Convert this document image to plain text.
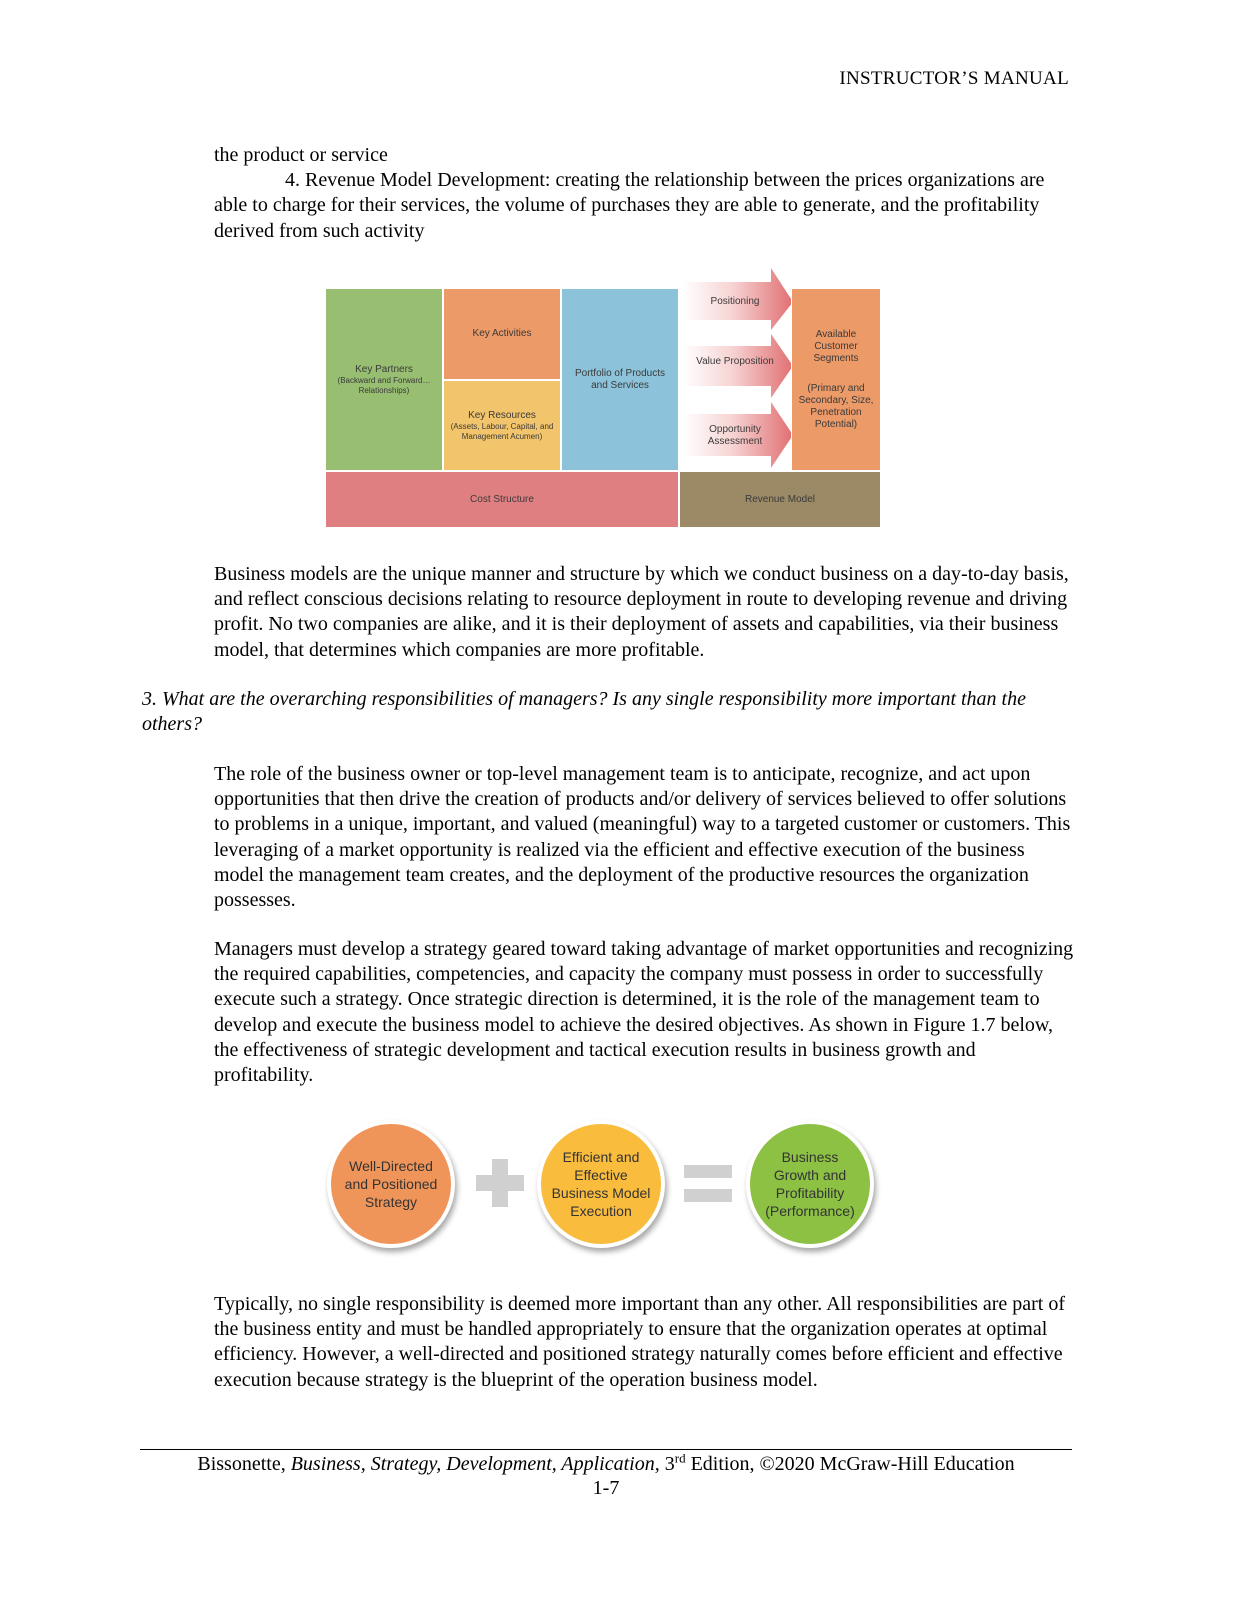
INSTRUCTOR’S MANUAL
the product or service
4. Revenue Model Development: creating the relationship between the prices organizations are able to charge for their services, the volume of purchases they are able to generate, and the profitability derived from such activity
Key Partners
(Backward and Forward… Relationships)
Key Activities
Key Resources
(Assets, Labour, Capital, and Management Acumen)
Portfolio of Products and Services
Positioning
Value Proposition
Opportunity Assessment
Available Customer Segments
(Primary and Secondary, Size, Penetration Potential)
Cost Structure	Revenue Model
Business models are the unique manner and structure by which we conduct business on a day-to-day basis, and reflect conscious decisions relating to resource deployment in route to developing revenue and driving profit. No two companies are alike, and it is their deployment of assets and capabilities, via their business model, that determines which companies are more profitable.
3. What are the overarching responsibilities of managers? Is any single responsibility more important than the others?
The role of the business owner or top-level management team is to anticipate, recognize, and act upon opportunities that then drive the creation of products and/or delivery of services believed to offer solutions to problems in a unique, important, and valued (meaningful) way to a targeted customer or customers. This leveraging of a market opportunity is realized via the efficient and effective execution of the business model the management team creates, and the deployment of the productive resources the organization possesses.
Managers must develop a strategy geared toward taking advantage of market opportunities and recognizing the required capabilities, competencies, and capacity the company must possess in order to successfully execute such a strategy. Once strategic direction is determined, it is the role of the management team to develop and execute the business model to achieve the desired objectives. As shown in Figure 1.7 below, the effectiveness of strategic development and tactical execution results in business growth and profitability.
Well-Directed and Positioned Strategy
Efficient and Effective Business Model Execution
Business Growth and Profitability (Performance)
Typically, no single responsibility is deemed more important than any other. All responsibilities are part of the business entity and must be handled appropriately to ensure that the organization operates at optimal efficiency. However, a well-directed and positioned strategy naturally comes before efficient and effective execution because strategy is the blueprint of the operation business model.
Bissonette, Business, Strategy, Development, Application, 3rd Edition, ©2020 McGraw-Hill Education
1-7
